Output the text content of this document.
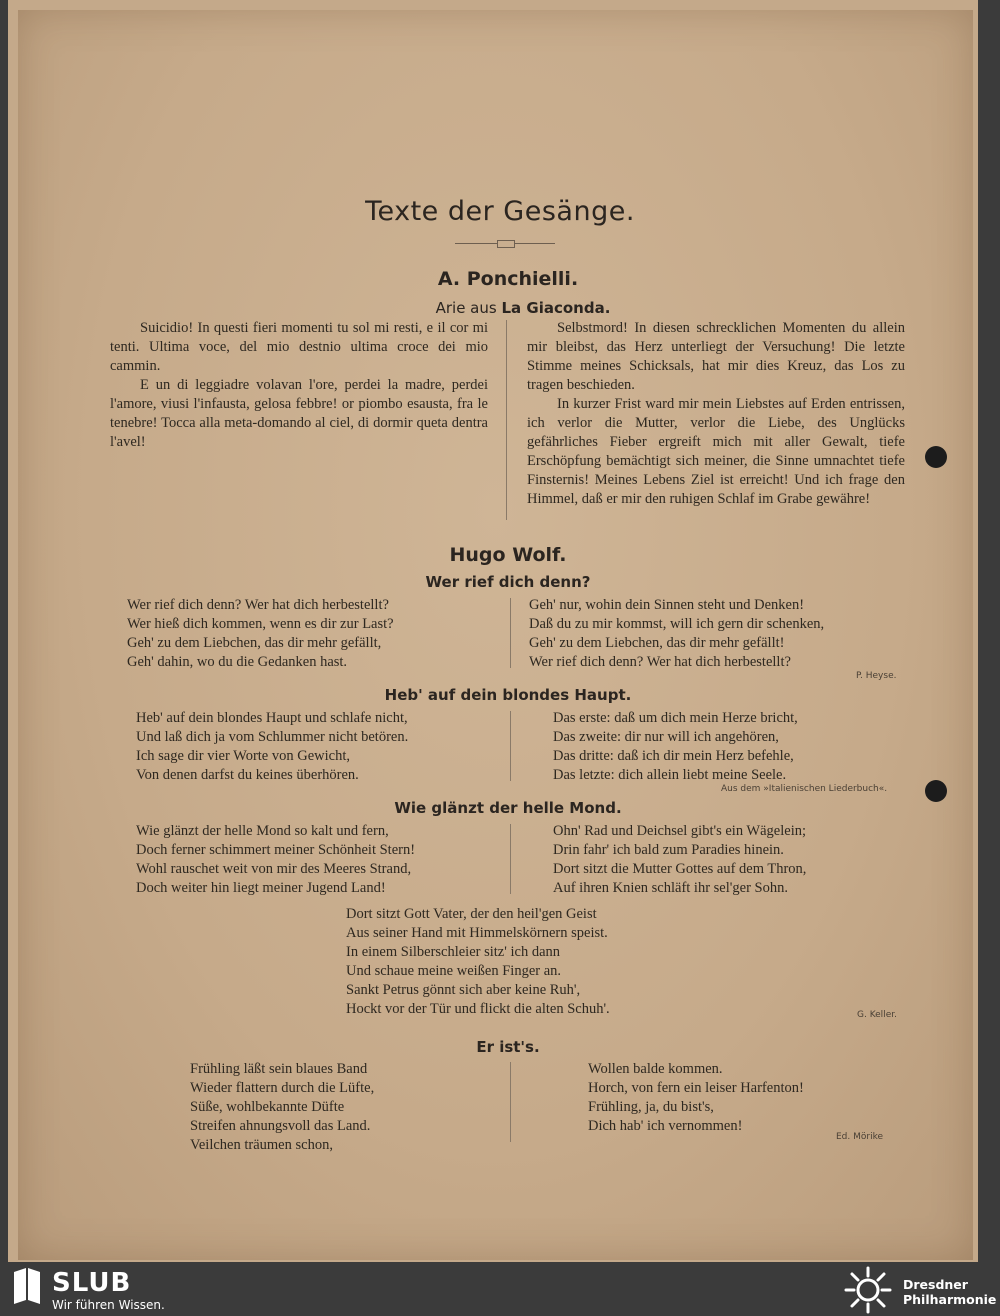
Texte der Gesänge.
A. Ponchielli.
Arie aus La Giaconda.

Suicidio! In questi fieri momenti tu sol mi resti, e il cor mi tenti. Ultima voce, del mio destnio ultima croce dei mio cammin.

E un di leggiadre volavan l'ore, perdei la madre, perdei l'amore, viusi l'infausta, gelosa febbre! or piombo esausta, fra le tenebre! Tocca alla meta-domando al ciel, di dormir queta dentra l'avel!

Selbstmord! In diesen schrecklichen Momenten du allein mir bleibst, das Herz unterliegt der Versuchung! Die letzte Stimme meines Schicksals, hat mir dies Kreuz, das Los zu tragen beschieden.

In kurzer Frist ward mir mein Liebstes auf Erden entrissen, ich verlor die Mutter, verlor die Liebe, des Unglücks gefährliches Fieber ergreift mich mit aller Gewalt, tiefe Erschöpfung bemächtigt sich meiner, die Sinne umnachtet tiefe Finsternis! Meines Lebens Ziel ist erreicht! Und ich frage den Himmel, daß er mir den ruhigen Schlaf im Grabe gewähre!

Hugo Wolf.
Wer rief dich denn?
Wer rief dich denn? Wer hat dich herbestellt?
Wer hieß dich kommen, wenn es dir zur Last?
Geh' zu dem Liebchen, das dir mehr gefällt,
Geh' dahin, wo du die Gedanken hast.
Geh' nur, wohin dein Sinnen steht und Denken!
Daß du zu mir kommst, will ich gern dir schenken,
Geh' zu dem Liebchen, das dir mehr gefällt!
Wer rief dich denn? Wer hat dich herbestellt?
P. Heyse.
Heb' auf dein blondes Haupt.
Heb' auf dein blondes Haupt und schlafe nicht,
Und laß dich ja vom Schlummer nicht betören.
Ich sage dir vier Worte von Gewicht,
Von denen darfst du keines überhören.
Das erste: daß um dich mein Herze bricht,
Das zweite: dir nur will ich angehören,
Das dritte: daß ich dir mein Herz befehle,
Das letzte: dich allein liebt meine Seele.
Aus dem »Italienischen Liederbuch«.
Wie glänzt der helle Mond.
Wie glänzt der helle Mond so kalt und fern,
Doch ferner schimmert meiner Schönheit Stern!
Wohl rauschet weit von mir des Meeres Strand,
Doch weiter hin liegt meiner Jugend Land!
Ohn' Rad und Deichsel gibt's ein Wägelein;
Drin fahr' ich bald zum Paradies hinein.
Dort sitzt die Mutter Gottes auf dem Thron,
Auf ihren Knien schläft ihr sel'ger Sohn.
Dort sitzt Gott Vater, der den heil'gen Geist
Aus seiner Hand mit Himmelskörnern speist.
In einem Silberschleier sitz' ich dann
Und schaue meine weißen Finger an.
Sankt Petrus gönnt sich aber keine Ruh',
Hockt vor der Tür und flickt die alten Schuh'.	G. Keller.
Er ist's.
Frühling läßt sein blaues Band
Wieder flattern durch die Lüfte,
Süße, wohlbekannte Düfte
Streifen ahnungsvoll das Land.
Veilchen träumen schon,
Wollen balde kommen.
Horch, von fern ein leiser Harfenton!
Frühling, ja, du bist's,
Dich hab' ich vernommen!
Ed. Mörike
SLUB
Wir führen Wissen.
Dresdner
Philharmonie
